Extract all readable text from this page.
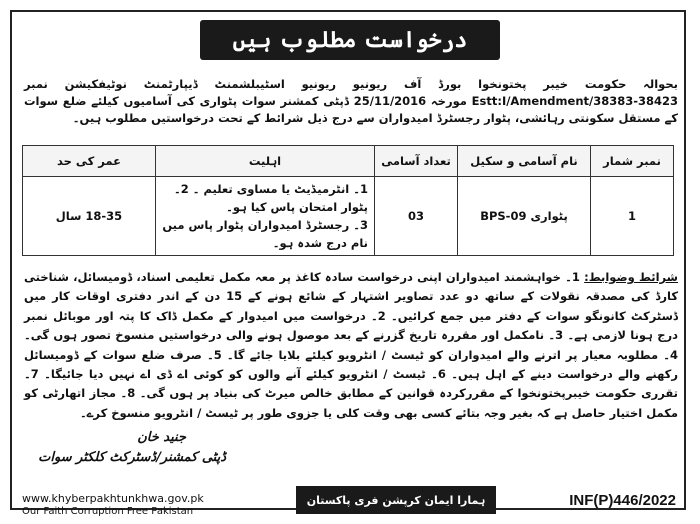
درخواست مطلوب ہیں
بحوالہ حکومت خیبر پختونخوا بورڈ آف ریونیو ریونیو اسٹیبلشمنٹ ڈیپارٹمنٹ نوٹیفکیشن نمبر Estt:I/Amendment/38383-38423 مورخہ 25/11/2016 ڈپٹی کمشنر سوات پٹواری کی آسامیوں کیلئے ضلع سوات کے مستقل سکونتی رہائشی، پٹوار رجسٹرڈ امیدواران سے درج ذیل شرائط کے تحت درخواستیں مطلوب ہیں۔
نمبر شمار	نام آسامی و سکیل	تعداد آسامی	اہلیت	عمر کی حد
1	پٹواری BPS-09	03	1۔ انٹرمیڈیٹ یا مساوی تعلیم ۔ 2۔ پٹوار امتحان پاس کیا ہو۔
3۔ رجسٹرڈ امیدواران پٹوار پاس میں نام درج شدہ ہو۔	18-35 سال
شرائط وضوابط: 1۔ خواہشمند امیدواران اپنی درخواست سادہ کاغذ پر معہ مکمل تعلیمی اسناد، ڈومیسائل، شناختی کارڈ کی مصدقہ نقولات کے ساتھ دو عدد تصاویر اشتہار کے شائع ہونے کے 15 دن کے اندر دفتری اوقات کار میں ڈسٹرکٹ کانونگو سوات کے دفتر میں جمع کرائیں۔ 2۔ درخواست میں امیدوار کے مکمل ڈاک کا پتہ اور موبائل نمبر درج ہونا لازمی ہے۔ 3۔ نامکمل اور مقررہ تاریخ گزرنے کے بعد موصول ہونے والی درخواستیں منسوخ تصور ہوں گی۔ 4۔ مطلوبہ معیار پر اترنے والے امیدواران کو ٹیسٹ / انٹرویو کیلئے بلایا جائے گا۔ 5۔ صرف ضلع سوات کے ڈومیسائل رکھنے والے درخواست دینے کے اہل ہیں۔ 6۔ ٹیسٹ / انٹرویو کیلئے آنے والوں کو کوئی اے ڈی اے نہیں دیا جائیگا۔ 7۔ تقرری حکومت خیبرپختونخوا کے مقررکردہ قوانین کے مطابق خالص میرٹ کی بنیاد پر ہوں گی۔ 8۔ مجاز اتھارٹی کو مکمل اختیار حاصل ہے کہ بغیر وجہ بتائے کسی بھی وقت کلی یا جزوی طور پر ٹیسٹ / انٹرویو منسوخ کرے۔
جنید خان
ڈپٹی کمشنر/ڈسٹرکٹ کلکٹر سوات
www.khyberpakhtunkhwa.gov.pk
Our Faith Corruption Free Pakistan
ہمارا ایمان کرپشن فری پاکستان	INF(P)446/2022
